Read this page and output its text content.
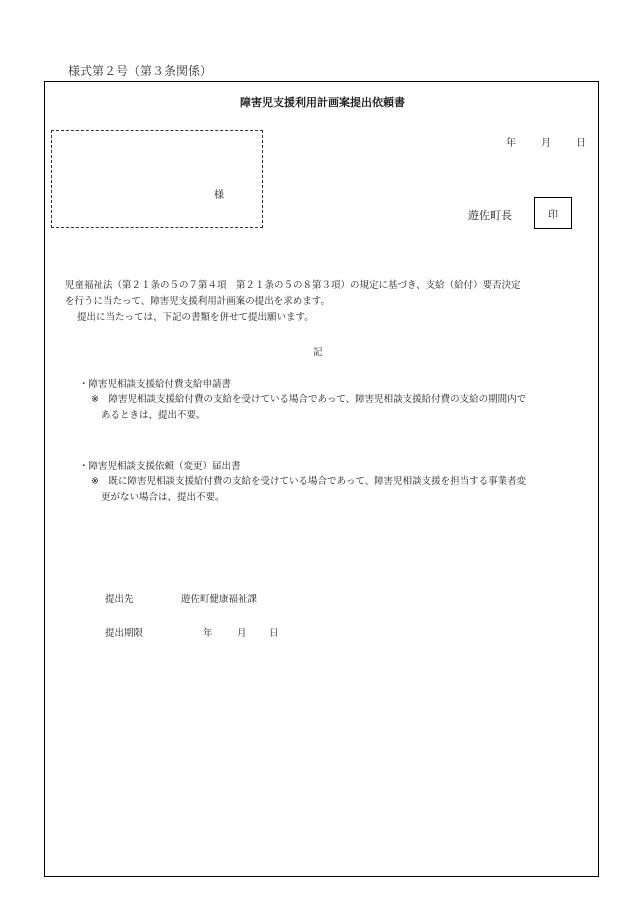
様式第２号（第３条関係）
障害児支援利用計画案提出依頼書
年	月	日
様
遊佐町長	印
児童福祉法（第２１条の５の７第４項　第２１条の５の８第３項）の規定に基づき、支給（給付）要否決定
を行うに当たって、障害児支援利用計画案の提出を求めます。
提出に当たっては、下記の書類を併せて提出願います。
記
・障害児相談支援給付費支給申請書
※　障害児相談支援給付費の支給を受けている場合であって、障害児相談支援給付費の支給の期間内で
あるときは、提出不要。
・障害児相談支援依頼（変更）届出書
※　既に障害児相談支援給付費の支給を受けている場合であって、障害児相談支援を担当する事業者変
更がない場合は、提出不要。
提出先	遊佐町健康福祉課
提出期限	年	月 日
